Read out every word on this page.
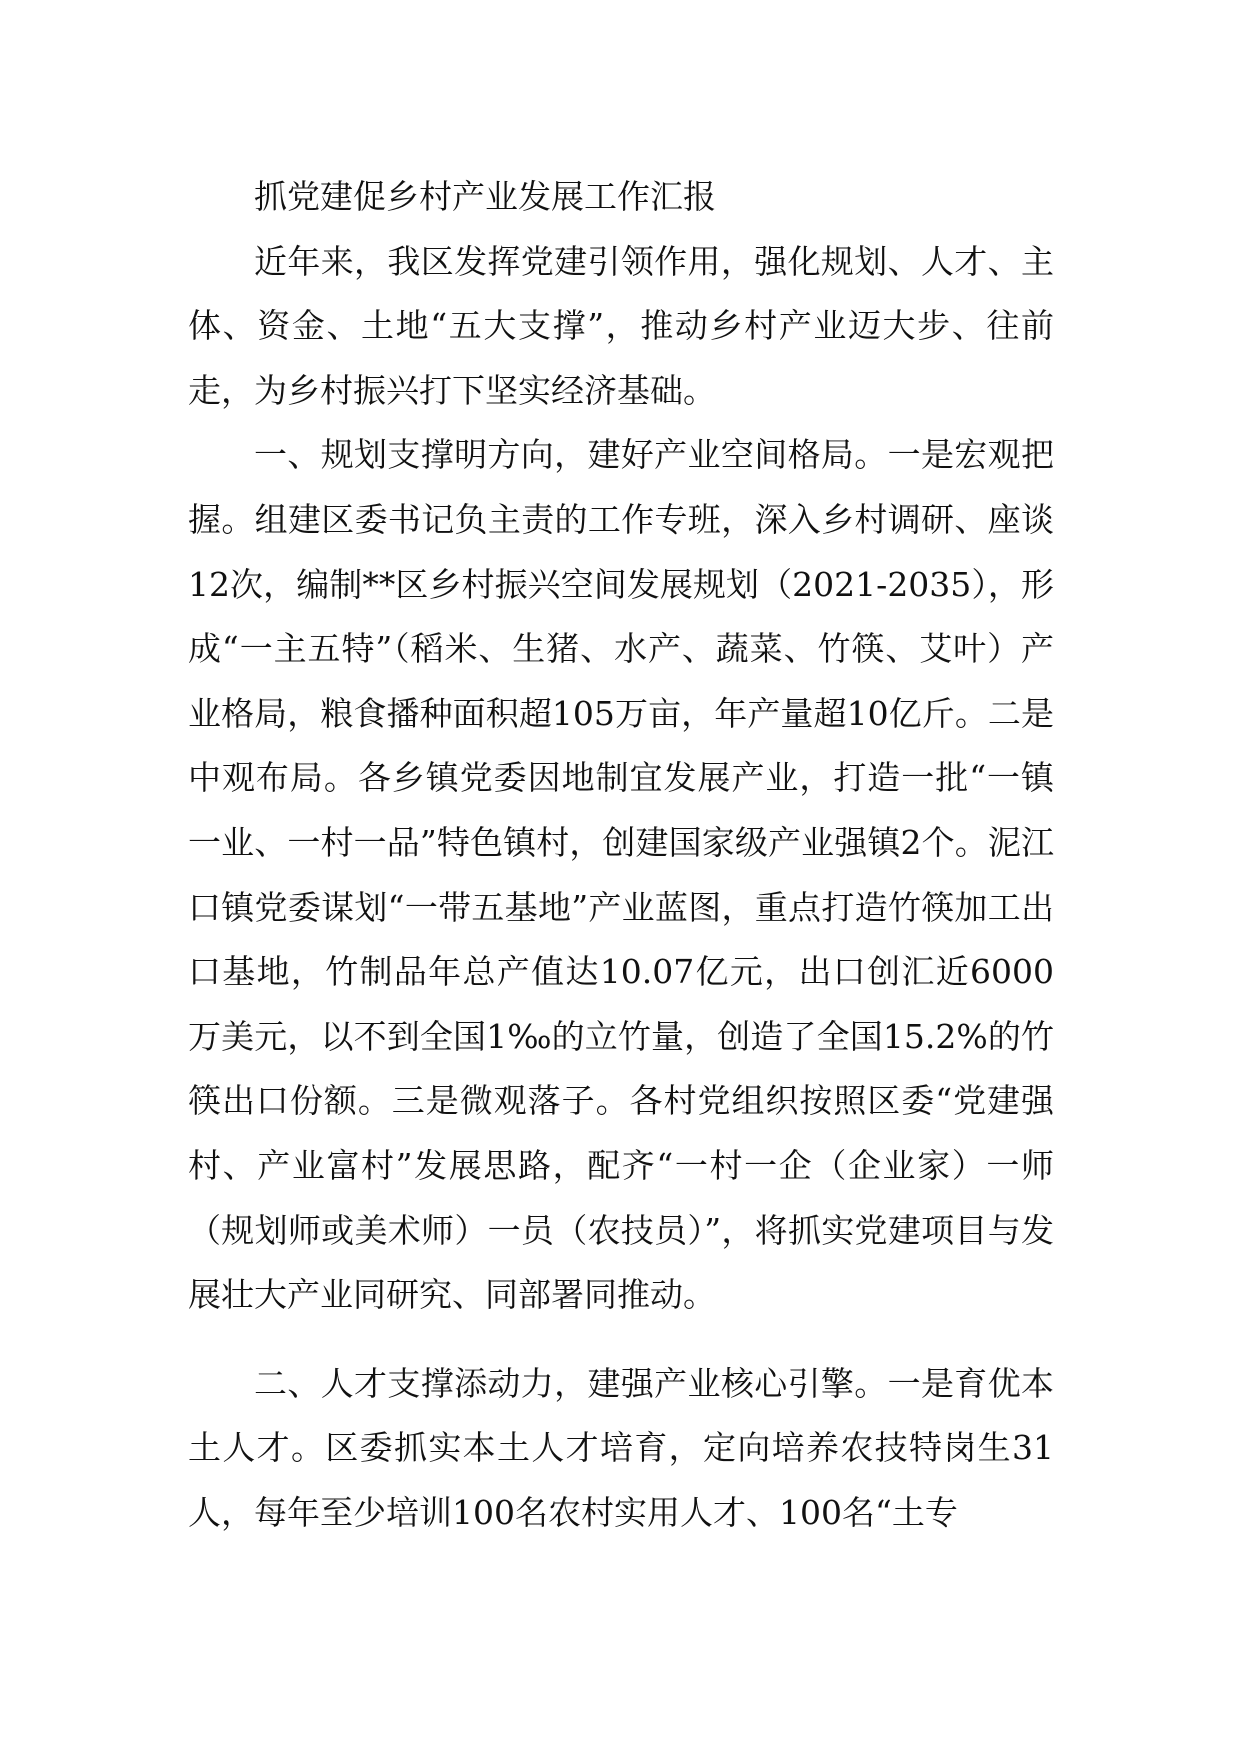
抓党建促乡村产业发展工作汇报

近年来，我区发挥党建引领作用，强化规划、人才、主体、资金、土地“五大支撑”，推动乡村产业迈大步、往前走，为乡村振兴打下坚实经济基础。

一、规划支撑明方向，建好产业空间格局。一是宏观把握。组建区委书记负主责的工作专班，深入乡村调研、座谈12次，编制**区乡村振兴空间发展规划（2021-2035），形成“一主五特”（稻米、生猪、水产、蔬菜、竹筷、艾叶）产业格局，粮食播种面积超105万亩，年产量超10亿斤。二是中观布局。各乡镇党委因地制宜发展产业，打造一批“一镇一业、一村一品”特色镇村，创建国家级产业强镇2个。泥江口镇党委谋划“一带五基地”产业蓝图，重点打造竹筷加工出口基地，竹制品年总产值达10.07亿元，出口创汇近6000万美元，以不到全国1‰的立竹量，创造了全国15.2%的竹筷出口份额。三是微观落子。各村党组织按照区委“党建强村、产业富村”发展思路，配齐“一村一企（企业家）一师（规划师或美术师）一员（农技员）”，将抓实党建项目与发展壮大产业同研究、同部署同推动。

二、人才支撑添动力，建强产业核心引擎。一是育优本土人才。区委抓实本土人才培育，定向培养农技特岗生31人，每年至少培训100名农村实用人才、100名“土专
